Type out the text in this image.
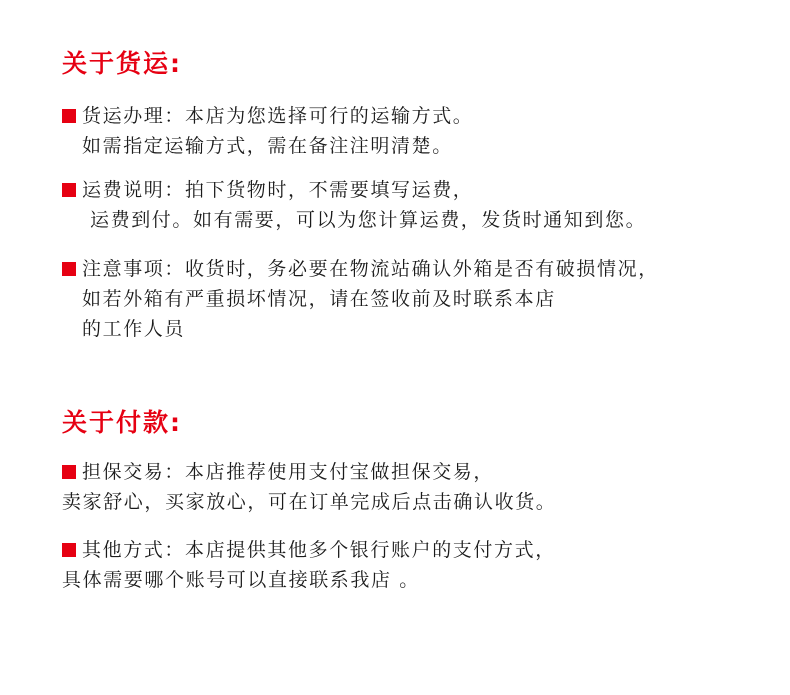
关于货运:

货运办理：本店为您选择可行的运输方式。

如需指定运输方式，需在备注注明清楚。

运费说明：拍下货物时，不需要填写运费，

运费到付。如有需要，可以为您计算运费，发货时通知到您。

注意事项：收货时，务必要在物流站确认外箱是否有破损情况，

如若外箱有严重损坏情况，请在签收前及时联系本店

的工作人员

关于付款:

担保交易：本店推荐使用支付宝做担保交易，

卖家舒心，买家放心，可在订单完成后点击确认收货。

其他方式：本店提供其他多个银行账户的支付方式，

具体需要哪个账号可以直接联系我店 。
